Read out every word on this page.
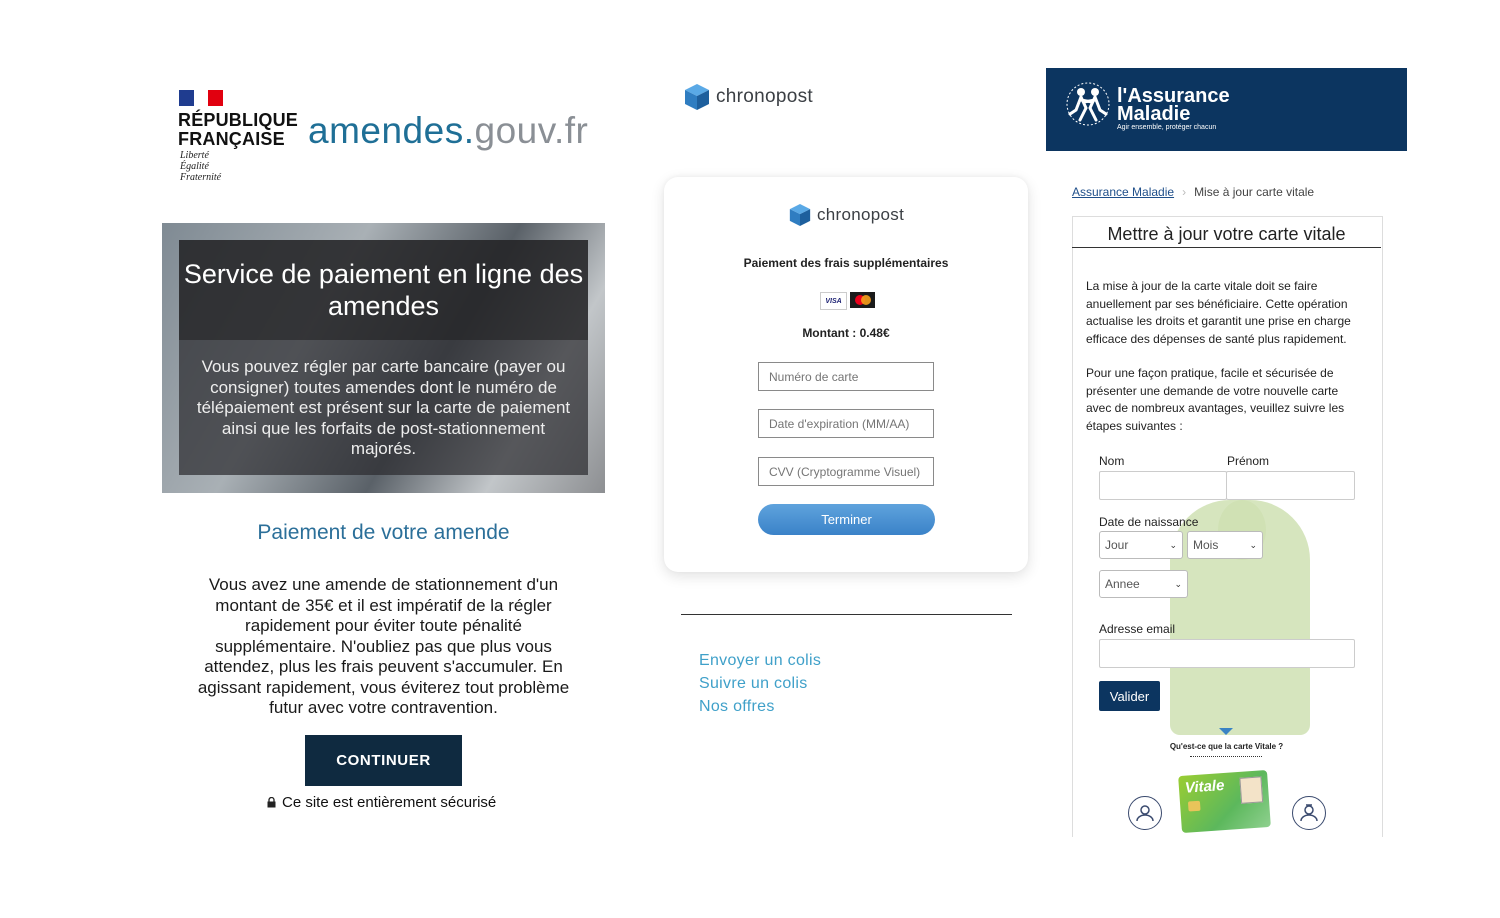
RÉPUBLIQUE
FRANÇAISE
Liberté
Égalité
Fraternité
amendes.gouv.fr
Service de paiement en ligne des amendes
Vous pouvez régler par carte bancaire (payer ou consigner) toutes amendes dont le numéro de télépaiement est présent sur la carte de paiement ainsi que les forfaits de post-stationnement majorés.
Paiement de votre amende
Vous avez une amende de stationnement d'un montant de 35€ et il est impératif de la régler rapidement pour éviter toute pénalité supplémentaire. N'oubliez pas que plus vous attendez, plus les frais peuvent s'accumuler. En agissant rapidement, vous éviterez tout problème futur avec votre contravention.
CONTINUER
Ce site est entièrement sécurisé
chronopost
chronopost
Paiement des frais supplémentaires
VISA
Montant : 0.48€
Numéro de carte
Date d'expiration (MM/AA)
CVV (Cryptogramme Visuel)
Terminer
Envoyer un colis
Suivre un colis
Nos offres
l'Assurance
Maladie
Agir ensemble, protéger chacun
Assurance Maladie › Mise à jour carte vitale
Mettre à jour votre carte vitale
La mise à jour de la carte vitale doit se faire anuellement par ses bénéficiaire. Cette opération actualise les droits et garantit une prise en charge efficace des dépenses de santé plus rapidement.
Pour une façon pratique, facile et sécurisée de présenter une demande de votre nouvelle carte avec de nombreux avantages, veuillez suivre les étapes suivantes :
Nom	Prénom
Date de naissance
Jour	⌄ Mois	⌄
Annee	⌄
Adresse email
Valider
Qu'est-ce que la carte Vitale ?
Vitale
